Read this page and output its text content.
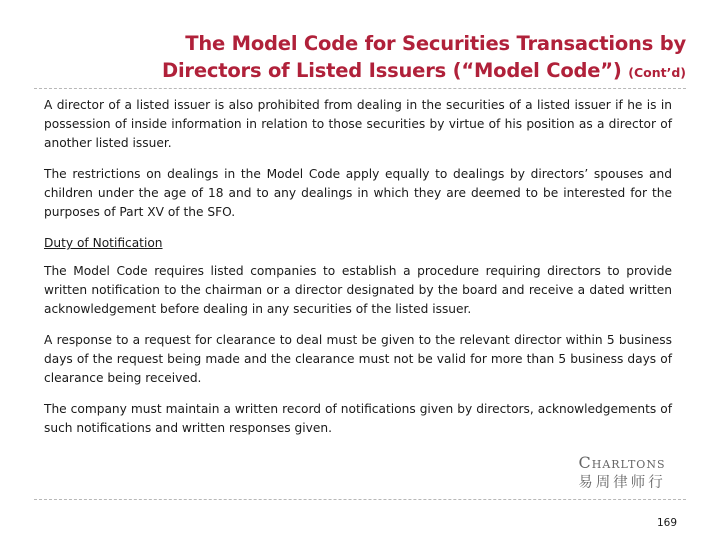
The Model Code for Securities Transactions by
Directors of Listed Issuers (“Model Code”) (Cont’d)

A director of a listed issuer is also prohibited from dealing in the securities of a listed issuer if he is in possession of inside information in relation to those securities by virtue of his position as a director of another listed issuer.

The restrictions on dealings in the Model Code apply equally to dealings by directors’ spouses and children under the age of 18 and to any dealings in which they are deemed to be interested for the purposes of Part XV of the SFO.

Duty of Notification

The Model Code requires listed companies to establish a procedure requiring directors to provide written notification to the chairman or a director designated by the board and receive a dated written acknowledgement before dealing in any securities of the listed issuer.

A response to a request for clearance to deal must be given to the relevant director within 5 business days of the request being made and the clearance must not be valid for more than 5 business days of clearance being received.

The company must maintain a written record of notifications given by directors, acknowledgements of such notifications and written responses given.

Charltons
易周律师行
169
